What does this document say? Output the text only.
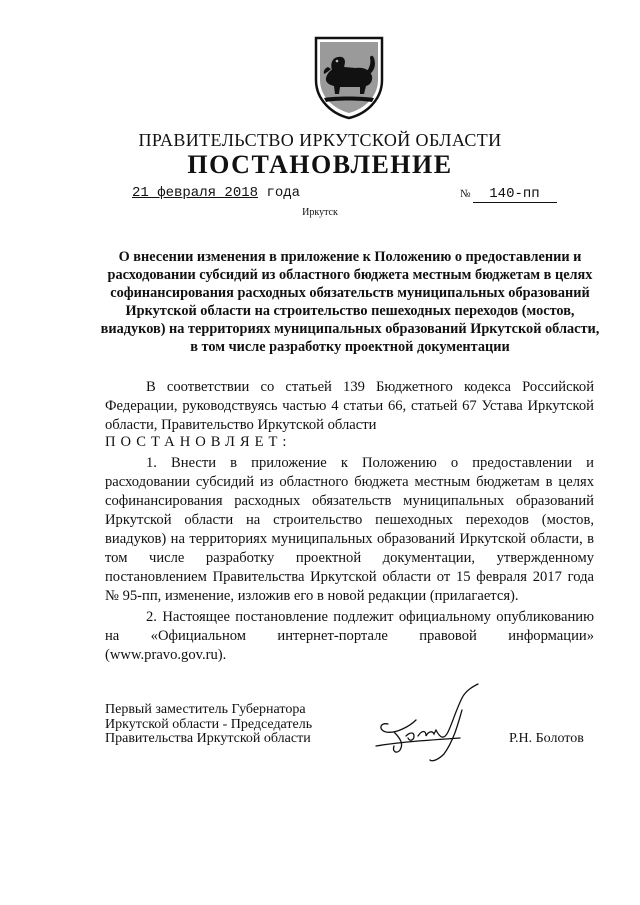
ПРАВИТЕЛЬСТВО ИРКУТСКОЙ ОБЛАСТИ
ПОСТАНОВЛЕНИЕ
21 февраля 2018 года	№ 140-пп
Иркутск
О внесении изменения в приложение к Положению о предоставлении и расходовании субсидий из областного бюджета местным бюджетам в целях софинансирования расходных обязательств муниципальных образований Иркутской области на строительство пешеходных переходов (мостов, виадуков) на территориях муниципальных образований Иркутской области, в том числе разработку проектной документации
В соответствии со статьей 139 Бюджетного кодекса Российской Федерации, руководствуясь частью 4 статьи 66, статьей 67 Устава Иркутской области, Правительство Иркутской области
ПОСТАНОВЛЯЕТ:
1. Внести в приложение к Положению о предоставлении и расходовании субсидий из областного бюджета местным бюджетам в целях софинансирования расходных обязательств муниципальных образований Иркутской области на строительство пешеходных переходов (мостов, виадуков) на территориях муниципальных образований Иркутской области, в том числе разработку проектной документации, утвержденному постановлением Правительства Иркутской области от 15 февраля 2017 года № 95-пп, изменение, изложив его в новой редакции (прилагается).
2. Настоящее постановление подлежит официальному опубликованию на «Официальном интернет-портале правовой информации» (www.pravo.gov.ru).
Первый заместитель Губернатора
Иркутской области - Председатель
Правительства Иркутской области	Р.Н. Болотов
